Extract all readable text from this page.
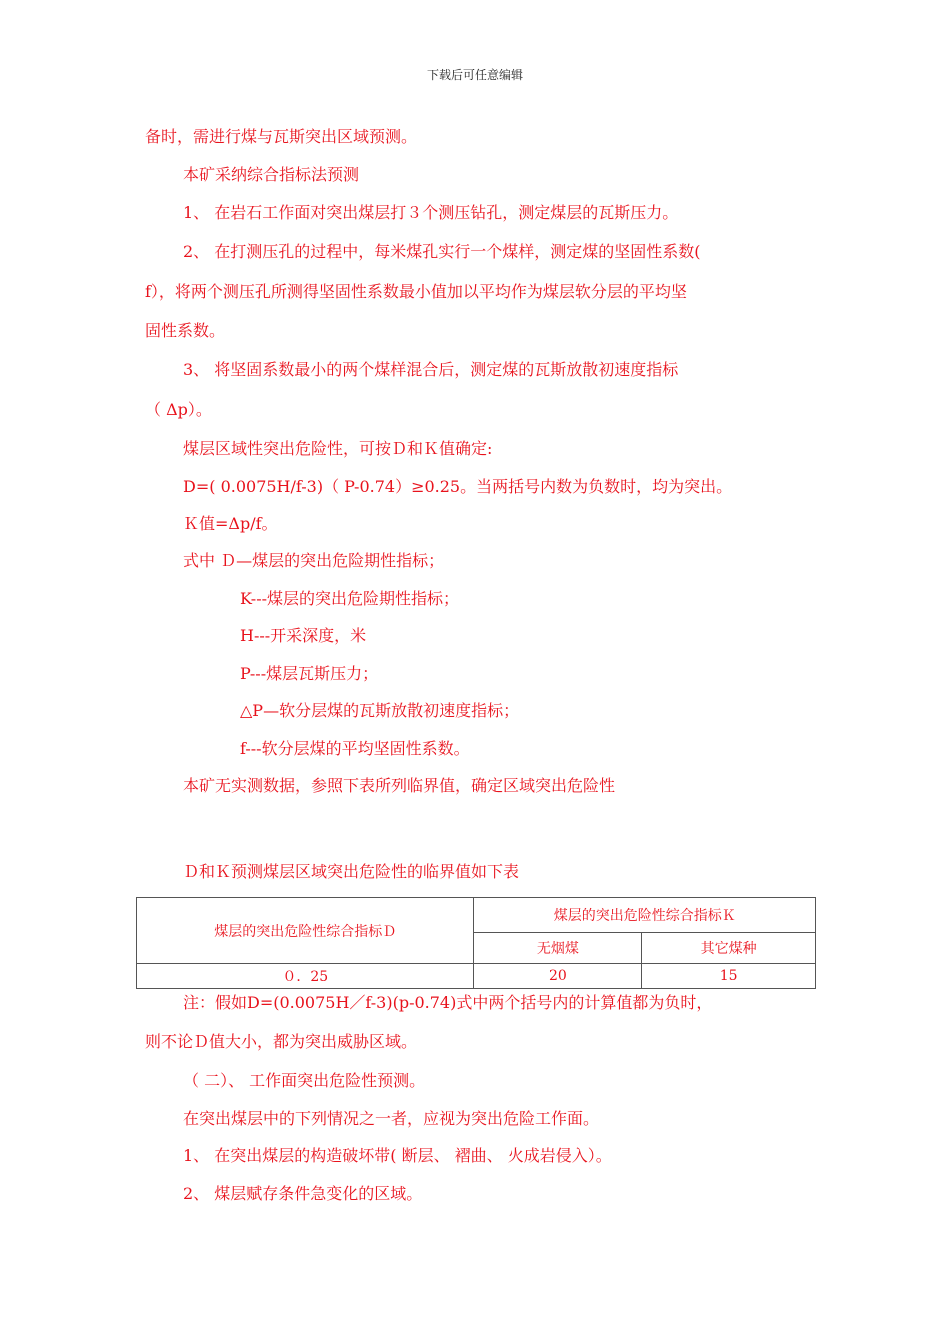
下载后可任意编辑
备时，需进行煤与瓦斯突出区域预测。
本矿采纳综合指标法预测
1、 在岩石工作面对突出煤层打３个测压钻孔，测定煤层的瓦斯压力。
2、 在打测压孔的过程中，每米煤孔实行一个煤样，测定煤的坚固性系数(
f），将两个测压孔所测得坚固性系数最小值加以平均作为煤层软分层的平均坚
固性系数。
3、 将坚固系数最小的两个煤样混合后，测定煤的瓦斯放散初速度指标
（ Δp）。
煤层区域性突出危险性，可按Ｄ和Ｋ值确定:
D=( 0.0075H/f-3)（ P-0.74）≥0.25。当两括号内数为负数时，均为突出。
Ｋ值=Δp/f。
式中 Ｄ—煤层的突出危险期性指标；
K---煤层的突出危险期性指标；
H---开采深度，米
P---煤层瓦斯压力；
△P—软分层煤的瓦斯放散初速度指标；
f---软分层煤的平均坚固性系数。
本矿无实测数据，参照下表所列临界值，确定区域突出危险性
Ｄ和Ｋ预测煤层区域突出危险性的临界值如下表
注：假如D=(0.0075H／f-3)(p-0.74)式中两个括号内的计算值都为负时，
则不论Ｄ值大小，都为突出威胁区域。
（ 二）、 工作面突出危险性预测。
在突出煤层中的下列情况之一者，应视为突出危险工作面。
1、 在突出煤层的构造破坏带( 断层、 褶曲、 火成岩侵入）。
2、 煤层赋存条件急变化的区域。
煤层的突出危险性综合指标Ｄ	煤层的突出危险性综合指标Ｋ	
	无烟煤	其它煤种
０．25	20	15
